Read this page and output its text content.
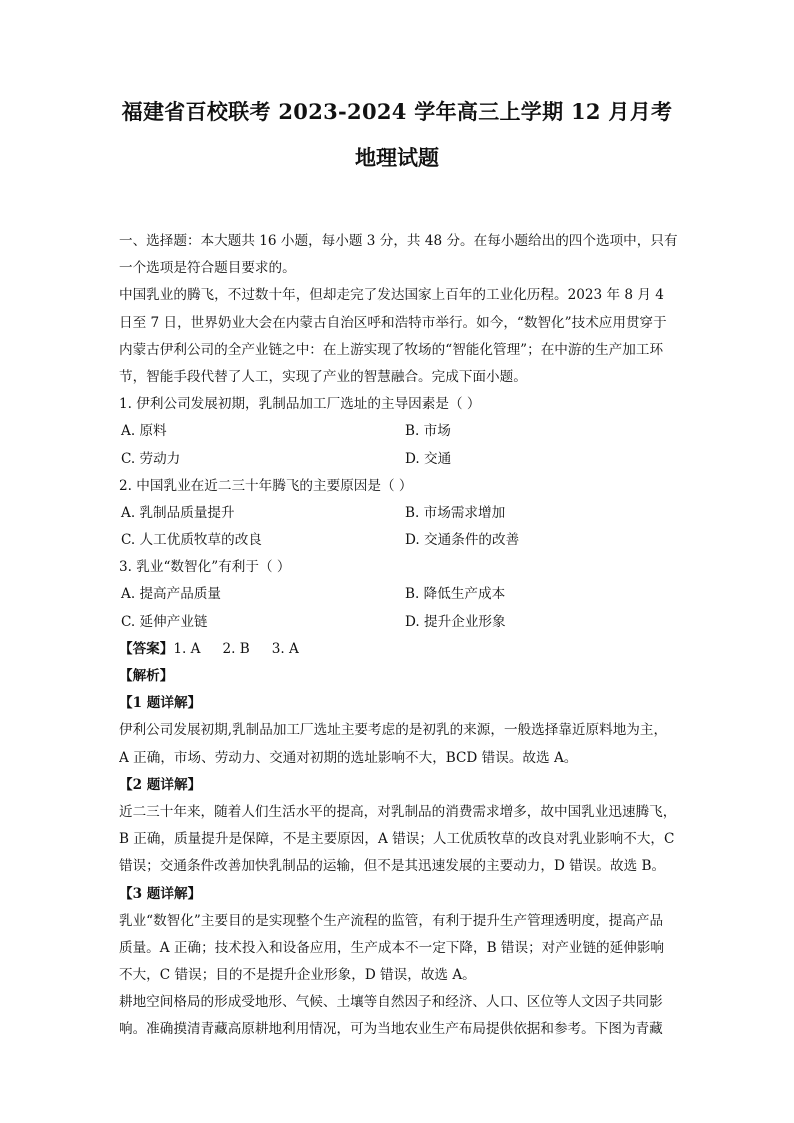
福建省百校联考 2023-2024 学年高三上学期 12 月月考
地理试题
一、选择题：本大题共 16 小题，每小题 3 分，共 48 分。在每小题给出的四个选项中，只有
一个选项是符合题目要求的。
中国乳业的腾飞，不过数十年，但却走完了发达国家上百年的工业化历程。2023 年 8 月 4
日至 7 日，世界奶业大会在内蒙古自治区呼和浩特市举行。如今，“数智化”技术应用贯穿于
内蒙古伊利公司的全产业链之中：在上游实现了牧场的“智能化管理”；在中游的生产加工环
节，智能手段代替了人工，实现了产业的智慧融合。完成下面小题。
1. 伊利公司发展初期，乳制品加工厂选址的主导因素是（ ）
A. 原料	B. 市场
C. 劳动力	D. 交通
2. 中国乳业在近二三十年腾飞的主要原因是（ ）
A. 乳制品质量提升	B. 市场需求增加
C. 人工优质牧草的改良	D. 交通条件的改善
3. 乳业“数智化”有利于（ ）
A. 提高产品质量	B. 降低生产成本
C. 延伸产业链	D. 提升企业形象
【答案】1. A 2. B 3. A
【解析】
【1 题详解】
伊利公司发展初期,乳制品加工厂选址主要考虑的是初乳的来源，一般选择靠近原料地为主，
A 正确，市场、劳动力、交通对初期的选址影响不大，BCD 错误。故选 A。
【2 题详解】
近二三十年来，随着人们生活水平的提高，对乳制品的消费需求增多，故中国乳业迅速腾飞，
B 正确，质量提升是保障，不是主要原因，A 错误；人工优质牧草的改良对乳业影响不大，C
错误；交通条件改善加快乳制品的运输，但不是其迅速发展的主要动力，D 错误。故选 B。
【3 题详解】
乳业“数智化”主要目的是实现整个生产流程的监管，有利于提升生产管理透明度，提高产品
质量。A 正确；技术投入和设备应用，生产成本不一定下降，B 错误；对产业链的延伸影响
不大，C 错误；目的不是提升企业形象，D 错误，故选 A。
耕地空间格局的形成受地形、气候、土壤等自然因子和经济、人口、区位等人文因子共同影
响。准确摸清青藏高原耕地利用情况，可为当地农业生产布局提供依据和参考。下图为青藏
